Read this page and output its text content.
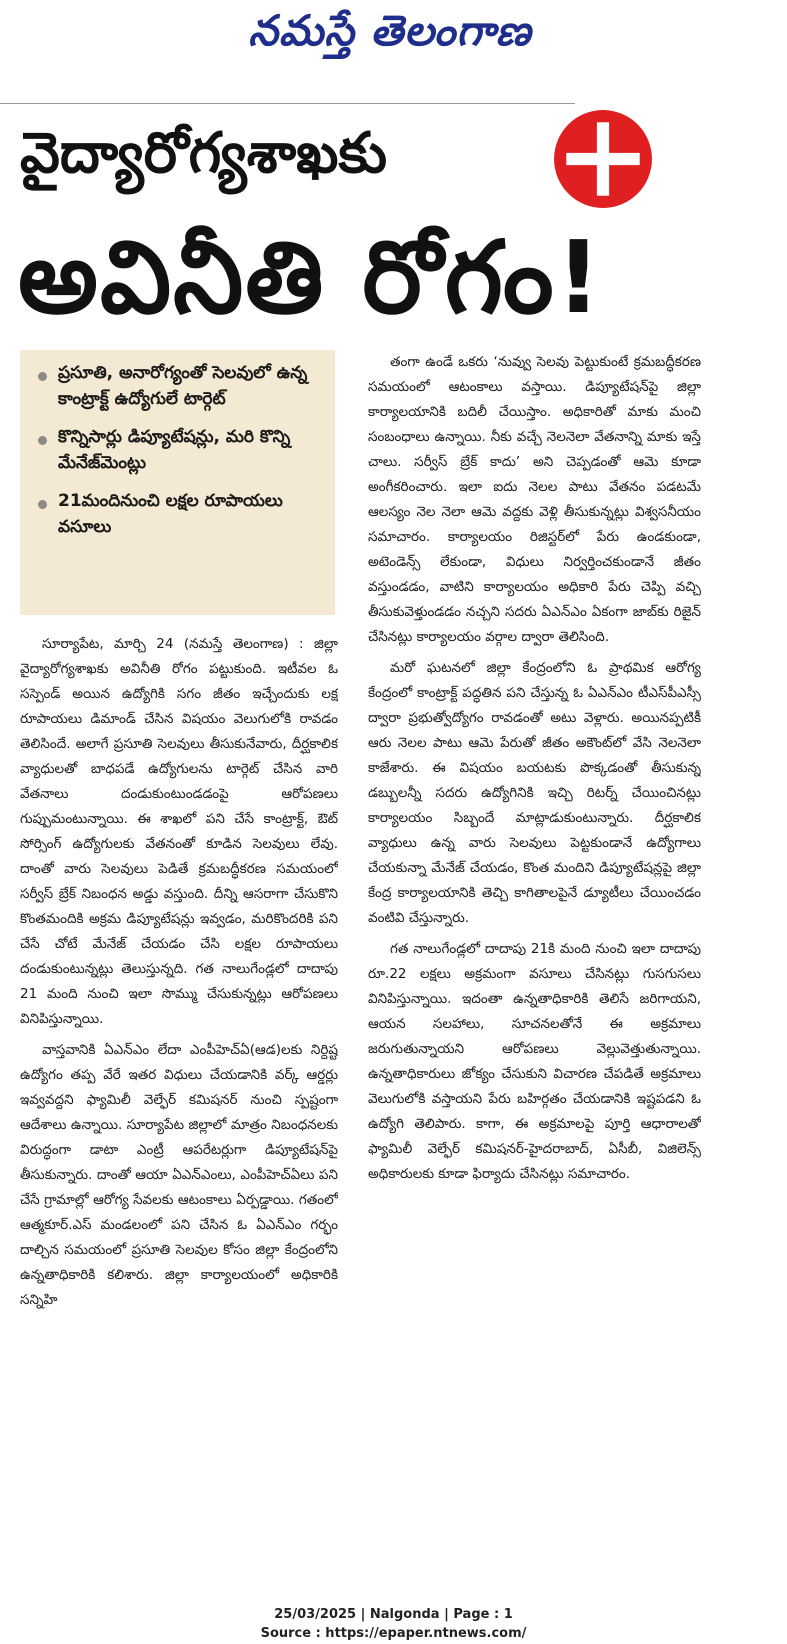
నమస్తే తెలంగాణ
వైద్యారోగ్యశాఖకు
అవినీతి రోగం!
ప్రసూతి, అనారోగ్యంతో సెలవులో ఉన్న కాంట్రాక్ట్ ఉద్యోగులే టార్గెట్
కొన్నిసార్లు డిప్యూటేషన్లు, మరి కొన్ని మేనేజ్‌మెంట్లు
21మందినుంచి లక్షల రూపాయలు వసూలు

సూర్యాపేట, మార్చి 24 (నమస్తే తెలంగాణ) : జిల్లా వైద్యారోగ్యశాఖకు అవినీతి రోగం పట్టుకుంది. ఇటీవల ఓ సస్పెండ్ అయిన ఉద్యోగికి సగం జీతం ఇచ్చేందుకు లక్ష రూపాయలు డిమాండ్ చేసిన విషయం వెలుగులోకి రావడం తెలిసిందే. అలాగే ప్రసూతి సెలవులు తీసుకునేవారు, దీర్ఘకాలిక వ్యాధులతో బాధపడే ఉద్యోగులను టార్గెట్ చేసిన వారి వేతనాలు దండుకుంటుండడంపై ఆరోపణలు గుప్పుమంటున్నాయి. ఈ శాఖలో పని చేసే కాంట్రాక్ట్, ఔట్ సోర్సింగ్ ఉద్యోగులకు వేతనంతో కూడిన సెలవులు లేవు. దాంతో వారు సెలవులు పెడితే క్రమబద్ధీకరణ సమయంలో సర్వీస్ బ్రేక్ నిబంధన అడ్డు వస్తుంది. దీన్ని ఆసరాగా చేసుకొని కొంతమందికి అక్రమ డిప్యూటేషన్లు ఇవ్వడం, మరికొందరికి పని చేసే చోటే మేనేజ్ చేయడం చేసి లక్షల రూపాయలు దండుకుంటున్నట్లు తెలుస్తున్నది. గత నాలుగేండ్లలో దాదాపు 21 మంది నుంచి ఇలా సొమ్ము చేసుకున్నట్లు ఆరోపణలు వినిపిస్తున్నాయి.

వాస్తవానికి ఏఎన్ఎం లేదా ఎంపీహెచ్ఏ(ఆడ)లకు నిర్దిష్ట ఉద్యోగం తప్ప వేరే ఇతర విధులు చేయడానికి వర్క్ ఆర్డర్లు ఇవ్వవద్దని ఫ్యామిలీ వెల్ఫేర్ కమిషనర్ నుంచి స్పష్టంగా ఆదేశాలు ఉన్నాయి. సూర్యాపేట జిల్లాలో మాత్రం నిబంధనలకు విరుద్ధంగా డాటా ఎంట్రీ ఆపరేటర్లుగా డిప్యూటేషన్‌పై తీసుకున్నారు. దాంతో ఆయా ఏఎన్ఎంలు, ఎంపీహెచ్ఏలు పని చేసే గ్రామాల్లో ఆరోగ్య సేవలకు ఆటంకాలు ఏర్పడ్డాయి. గతంలో ఆత్మకూర్.ఎస్ మండలంలో పని చేసిన ఓ ఏఎన్ఎం గర్భం దాల్చిన సమయంలో ప్రసూతి సెలవుల కోసం జిల్లా కేంద్రంలోని ఉన్నతాధికారికి కలిశారు. జిల్లా కార్యాలయంలో అధికారికి సన్నిహి

తంగా ఉండే ఒకరు ‘నువ్వు సెలవు పెట్టుకుంటే క్రమబద్ధీకరణ సమయంలో ఆటంకాలు వస్తాయి. డిప్యూటేషన్‌పై జిల్లా కార్యాలయానికి బదిలీ చేయిస్తాం. అధికారితో మాకు మంచి సంబంధాలు ఉన్నాయి. నీకు వచ్చే నెలనెలా వేతనాన్ని మాకు ఇస్తే చాలు. సర్వీస్ బ్రేక్ కాదు’ అని చెప్పడంతో ఆమె కూడా అంగీకరించారు. ఇలా ఐదు నెలల పాటు వేతనం పడటమే ఆలస్యం నెల నెలా ఆమె వద్దకు వెళ్లి తీసుకున్నట్లు విశ్వసనీయం సమాచారం. కార్యాలయం రిజిస్టర్‌లో పేరు ఉండకుండా, అటెండెన్స్ లేకుండా, విధులు నిర్వర్తించకుండానే జీతం వస్తుండడం, వాటిని కార్యాలయం అధికారి పేరు చెప్పి వచ్చి తీసుకువెళ్తుండడం నచ్చని సదరు ఏఎన్ఎం ఏకంగా జాబ్‌కు రిజైన్ చేసినట్లు కార్యాలయం వర్గాల ద్వారా తెలిసింది.

మరో ఘటనలో జిల్లా కేంద్రంలోని ఓ ప్రాథమిక ఆరోగ్య కేంద్రంలో కాంట్రాక్ట్ పద్ధతిన పని చేస్తున్న ఓ ఏఎన్ఎం టీఎస్‌పీఎస్సీ ద్వారా ప్రభుత్వోద్యోగం రావడంతో అటు వెళ్లారు. అయినప్పటికీ ఆరు నెలల పాటు ఆమె పేరుతో జీతం అకౌంట్‌లో వేసి నెలనెలా కాజేశారు. ఈ విషయం బయటకు పొక్కడంతో తీసుకున్న డబ్బులన్నీ సదరు ఉద్యోగినికి ఇచ్చి రిటర్న్ చేయించినట్లు కార్యాలయం సిబ్బందే మాట్లాడుకుంటున్నారు. దీర్ఘకాలిక వ్యాధులు ఉన్న వారు సెలవులు పెట్టకుండానే ఉద్యోగాలు చేయకున్నా మేనేజ్ చేయడం, కొంత మందిని డిప్యూటేషన్లపై జిల్లా కేంద్ర కార్యాలయానికి తెచ్చి కాగితాలపైనే డ్యూటీలు చేయించడం వంటివి చేస్తున్నారు.

గత నాలుగేండ్లలో దాదాపు 21కి మంది నుంచి ఇలా దాదాపు రూ.22 లక్షలు అక్రమంగా వసూలు చేసినట్లు గుసగుసలు వినిపిస్తున్నాయి. ఇదంతా ఉన్నతాధికారికి తెలిసే జరిగాయని, ఆయన సలహాలు, సూచనలతోనే ఈ అక్రమాలు జరుగుతున్నాయని ఆరోపణలు వెల్లువెత్తుతున్నాయి. ఉన్నతాధికారులు జోక్యం చేసుకుని విచారణ చేపడితే అక్రమాలు వెలుగులోకి వస్తాయని పేరు బహిర్గతం చేయడానికి ఇష్టపడని ఓ ఉద్యోగి తెలిపారు. కాగా, ఈ అక్రమాలపై పూర్తి ఆధారాలతో ఫ్యామిలీ వెల్ఫేర్ కమిషనర్-హైదరాబాద్, ఏసీబీ, విజిలెన్స్ అధికారులకు కూడా ఫిర్యాదు చేసినట్లు సమాచారం.

25/03/2025 | Nalgonda | Page : 1
Source : https://epaper.ntnews.com/
